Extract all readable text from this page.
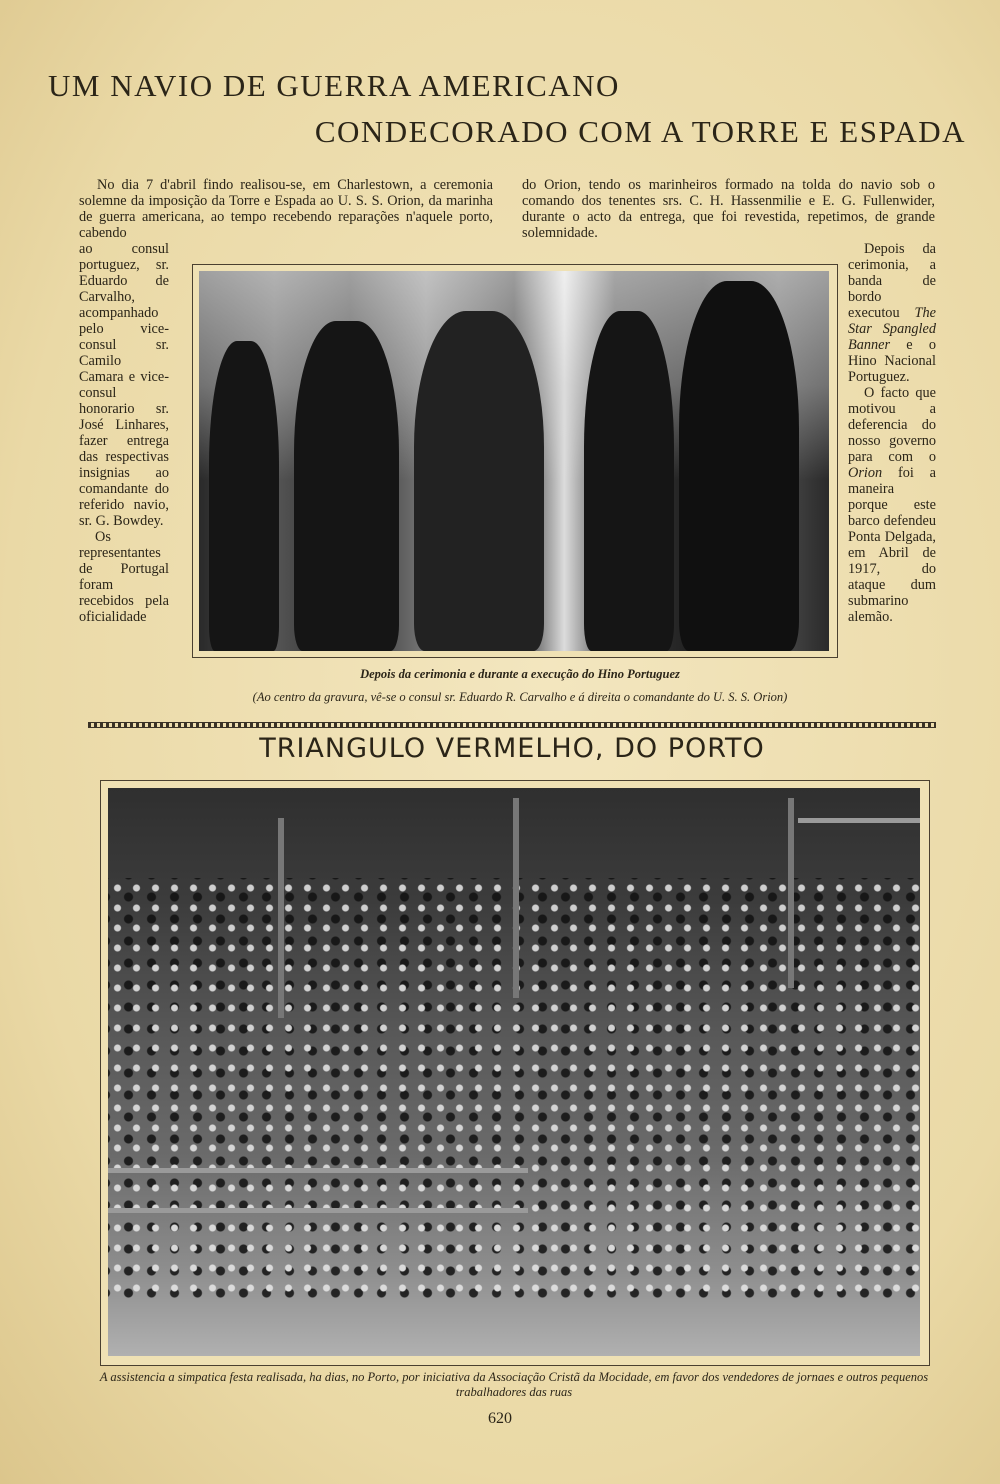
UM NAVIO DE GUERRA AMERICANO
CONDECORADO COM A TORRE E ESPADA

No dia 7 d'abril findo realisou-se, em Charlestown, a ceremonia solemne da imposição da Torre e Espada ao U. S. S. Orion, da marinha de guerra americana, ao tempo recebendo reparações n'aquele porto, cabendo

do Orion, tendo os marinheiros formado na tolda do navio sob o comando dos tenentes srs. C. H. Hassenmilie e E. G. Fullenwider, durante o acto da entrega, que foi revestida, repetimos, de grande solemnidade.

ao consul portuguez, sr. Eduardo de Carvalho, acompanhado pelo vice-consul sr. Camilo Camara e vice-consul honorario sr. José Linhares, fazer entrega das respectivas insignias ao comandante do referido navio, sr. G. Bowdey.

Os representantes de Portugal foram recebidos pela oficialidade

Depois da cerimonia, a banda de bordo executou The Star Spangled Banner e o Hino Nacional Portuguez.

O facto que motivou a deferencia do nosso governo para com o Orion foi a maneira porque este barco defendeu Ponta Delgada, em Abril de 1917, do ataque dum submarino alemão.

Depois da cerimonia e durante a execução do Hino Portuguez
(Ao centro da gravura, vê-se o consul sr. Eduardo R. Carvalho e á direita o comandante do U. S. S. Orion)
TRIANGULO VERMELHO, DO PORTO
A assistencia a simpatica festa realisada, ha dias, no Porto, por iniciativa da Associação Cristã da Mocidade, em favor dos vendedores de jornaes e outros pequenos trabalhadores das ruas
620
